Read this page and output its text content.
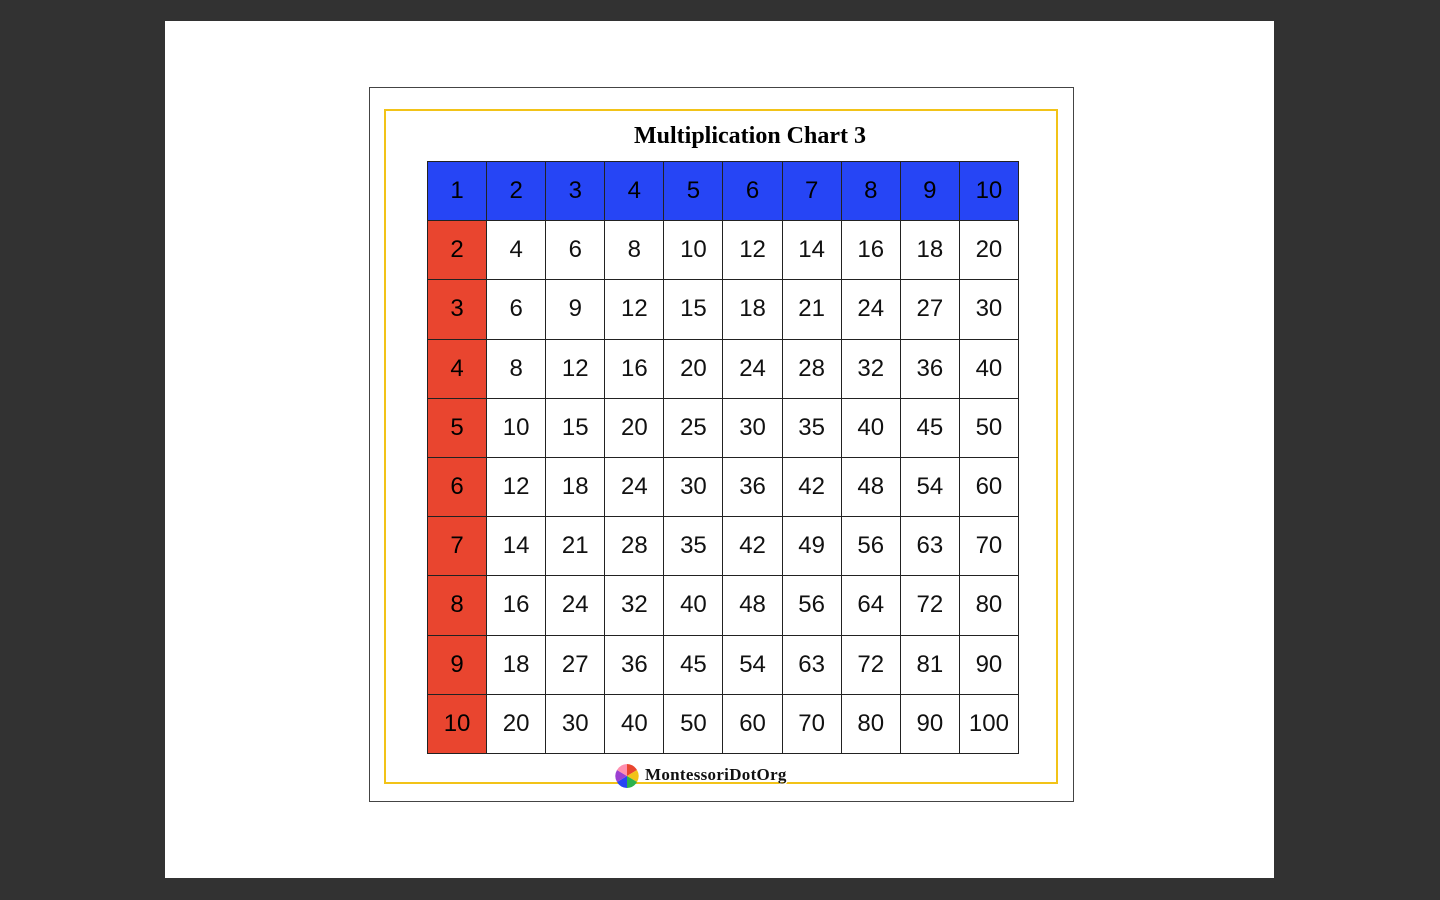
Multiplication Chart 3
1	2	3	4	5	6	7	8	9	10
2	4	6	8	10	12	14	16	18	20
3	6	9	12	15	18	21	24	27	30
4	8	12	16	20	24	28	32	36	40
5	10	15	20	25	30	35	40	45	50
6	12	18	24	30	36	42	48	54	60
7	14	21	28	35	42	49	56	63	70
8	16	24	32	40	48	56	64	72	80
9	18	27	36	45	54	63	72	81	90
10	20	30	40	50	60	70	80	90	100
MontessoriDotOrg
